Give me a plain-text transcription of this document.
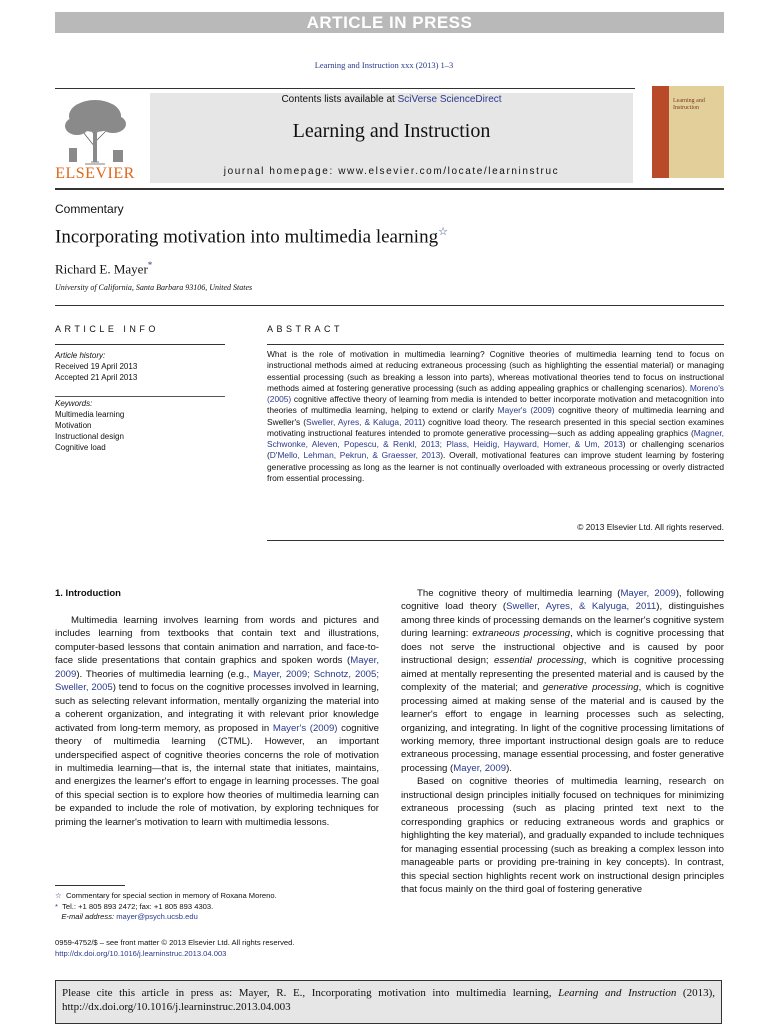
ARTICLE IN PRESS
Learning and Instruction xxx (2013) 1–3
ELSEVIER
Contents lists available at SciVerse ScienceDirect
Learning and Instruction
journal homepage: www.elsevier.com/locate/learninstruc
Learning and Instruction
Commentary
Incorporating motivation into multimedia learning☆
Richard E. Mayer*
University of California, Santa Barbara 93106, United States
ARTICLE INFO	ABSTRACT
Article history:
Received 19 April 2013
Accepted 21 April 2013
Keywords:
Multimedia learning
Motivation
Instructional design
Cognitive load
What is the role of motivation in multimedia learning? Cognitive theories of multimedia learning tend to focus on instructional methods aimed at reducing extraneous processing (such as highlighting the essential material) or managing essential processing (such as breaking a lesson into parts), whereas motivational theories tend to focus on instructional methods aimed at fostering generative processing (such as adding appealing graphics or challenging scenarios). Moreno's (2005) cognitive affective theory of learning from media is intended to better incorporate motivation and metacognition into theories of multimedia learning, helping to extend or clarify Mayer's (2009) cognitive theory of multimedia learning and Sweller's (Sweller, Ayres, & Kaluga, 2011) cognitive load theory. The research presented in this special section examines motivating instructional features intended to promote generative processing—such as adding appealing graphics (Magner, Schwonke, Aleven, Popescu, & Renkl, 2013; Plass, Heidig, Hayward, Homer, & Um, 2013) or challenging scenarios (D'Mello, Lehman, Pekrun, & Graesser, 2013). Overall, motivational features can improve student learning by fostering generative processing as long as the learner is not continually overloaded with extraneous processing or overly distracted from essential processing.
© 2013 Elsevier Ltd. All rights reserved.
1. Introduction
Multimedia learning involves learning from words and pictures and includes learning from textbooks that contain text and illustrations, computer-based lessons that contain animation and narration, and face-to-face slide presentations that contain graphics and spoken words (Mayer, 2009). Theories of multimedia learning (e.g., Mayer, 2009; Schnotz, 2005; Sweller, 2005) tend to focus on the cognitive processes involved in learning, such as selecting relevant information, mentally organizing the material into a coherent organization, and integrating it with relevant prior knowledge activated from long-term memory, as proposed in Mayer's (2009) cognitive theory of multimedia learning (CTML). However, an important underspecified aspect of cognitive theories concerns the role of motivation in multimedia learning—that is, the internal state that initiates, maintains, and energizes the learner's effort to engage in learning processes. The goal of this special section is to explore how theories of multimedia learning can be expanded to include the role of motivation, by exploring techniques for priming the learner's motivation to learn with multimedia lessons.

The cognitive theory of multimedia learning (Mayer, 2009), following cognitive load theory (Sweller, Ayres, & Kalyuga, 2011), distinguishes among three kinds of processing demands on the learner's cognitive system during learning: extraneous processing, which is cognitive processing that does not serve the instructional objective and is caused by poor instructional design; essential processing, which is cognitive processing aimed at mentally representing the presented material and is caused by the complexity of the material; and generative processing, which is cognitive processing aimed at making sense of the material and is caused by the learner's effort to engage in learning processes such as selecting, organizing, and integrating. In light of the cognitive processing limitations of working memory, three important instructional design goals are to reduce extraneous processing, manage essential processing, and foster generative processing (Mayer, 2009).

Based on cognitive theories of multimedia learning, research on instructional design principles initially focused on techniques for minimizing extraneous processing (such as placing printed text next to the corresponding graphics or reducing extraneous words and graphics or highlighting the key material), and gradually expanded to include techniques for managing essential processing (such as breaking a complex lesson into manageable parts or providing pre-training in key concepts). In contrast, this special section highlights recent work on instructional design principles that focus mainly on the third goal of fostering generative

☆ Commentary for special section in memory of Roxana Moreno.
* Tel.: +1 805 893 2472; fax: +1 805 893 4303.
E-mail address: mayer@psych.ucsb.edu
0959-4752/$ – see front matter © 2013 Elsevier Ltd. All rights reserved.
http://dx.doi.org/10.1016/j.learninstruc.2013.04.003
Please cite this article in press as: Mayer, R. E., Incorporating motivation into multimedia learning, Learning and Instruction (2013), http://dx.doi.org/10.1016/j.learninstruc.2013.04.003
